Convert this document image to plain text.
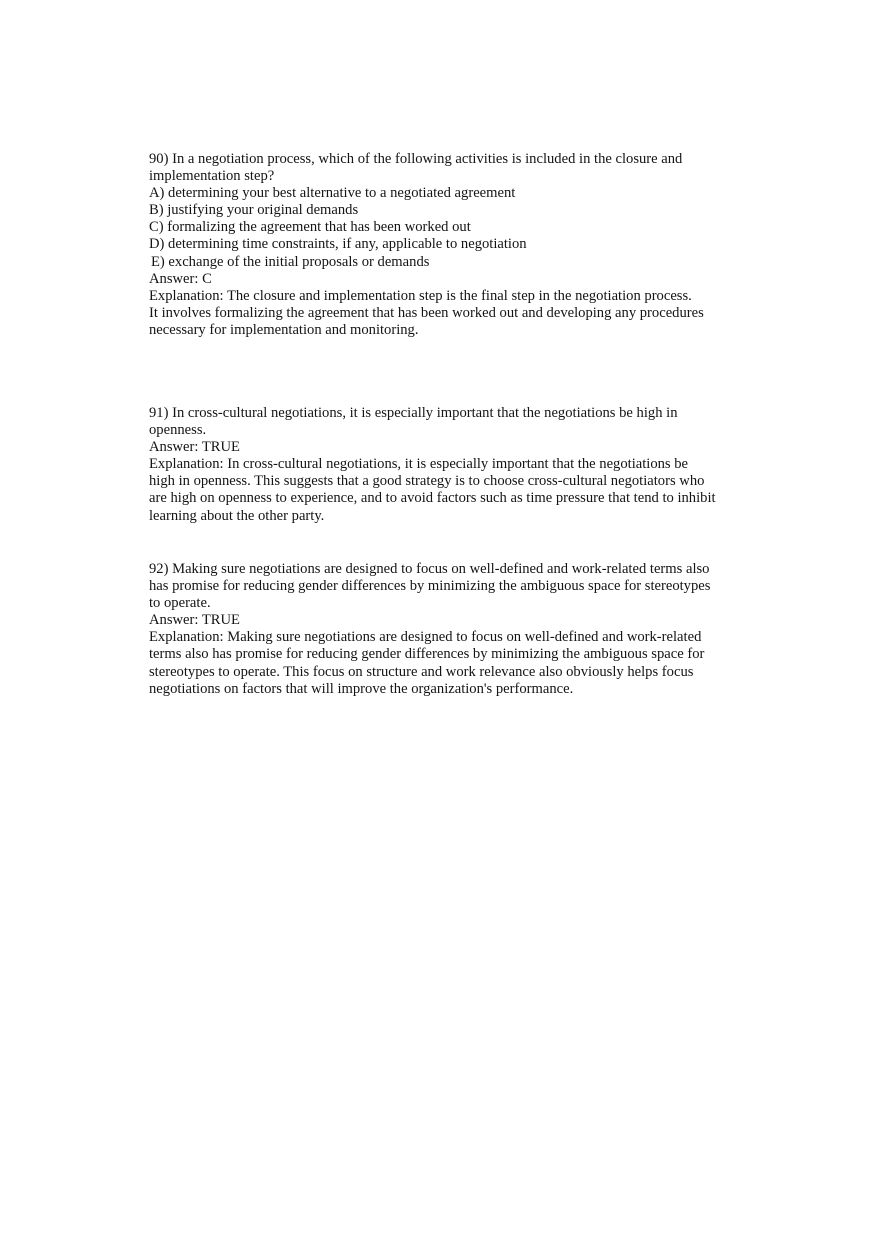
90) In a negotiation process, which of the following activities is included in the closure and
implementation step?
A) determining your best alternative to a negotiated agreement
B) justifying your original demands
C) formalizing the agreement that has been worked out
D) determining time constraints, if any, applicable to negotiation
E) exchange of the initial proposals or demands
Answer: C
Explanation: The closure and implementation step is the final step in the negotiation process.
It involves formalizing the agreement that has been worked out and developing any procedures
necessary for implementation and monitoring.
91) In cross-cultural negotiations, it is especially important that the negotiations be high in
openness.
Answer: TRUE
Explanation: In cross-cultural negotiations, it is especially important that the negotiations be
high in openness. This suggests that a good strategy is to choose cross-cultural negotiators who
are high on openness to experience, and to avoid factors such as time pressure that tend to inhibit
learning about the other party.
92) Making sure negotiations are designed to focus on well-defined and work-related terms also
has promise for reducing gender differences by minimizing the ambiguous space for stereotypes
to operate.
Answer: TRUE
Explanation: Making sure negotiations are designed to focus on well-defined and work-related
terms also has promise for reducing gender differences by minimizing the ambiguous space for
stereotypes to operate. This focus on structure and work relevance also obviously helps focus
negotiations on factors that will improve the organization's performance.
